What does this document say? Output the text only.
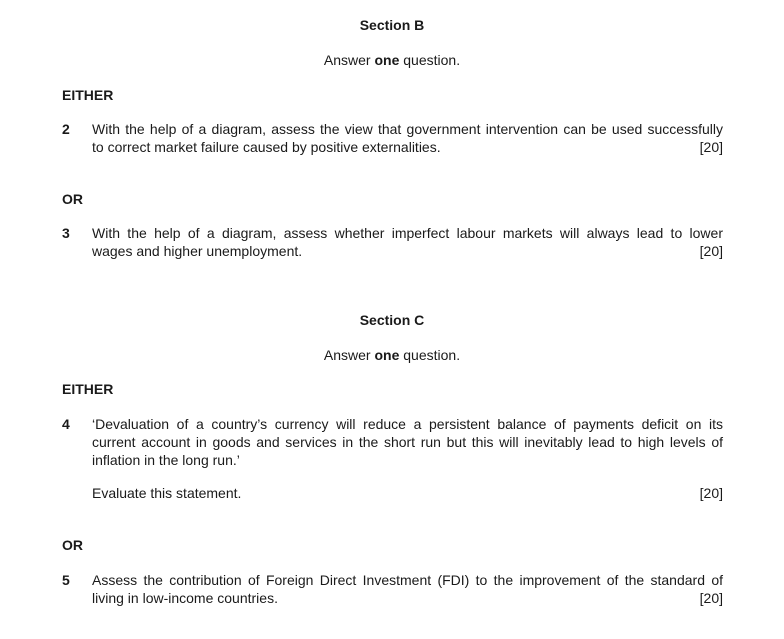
Section B
Answer one question.
EITHER
2 With the help of a diagram, assess the view that government intervention can be used successfully
to correct market failure caused by positive externalities.	[20]
OR
3 With the help of a diagram, assess whether imperfect labour markets will always lead to lower
wages and higher unemployment.	[20]
Section C
Answer one question.
EITHER
4 ‘Devaluation of a country’s currency will reduce a persistent balance of payments deficit on its
current account in goods and services in the short run but this will inevitably lead to high levels of
inflation in the long run.’
Evaluate this statement.	[20]
OR
5 Assess the contribution of Foreign Direct Investment (FDI) to the improvement of the standard of
living in low-income countries.	[20]
